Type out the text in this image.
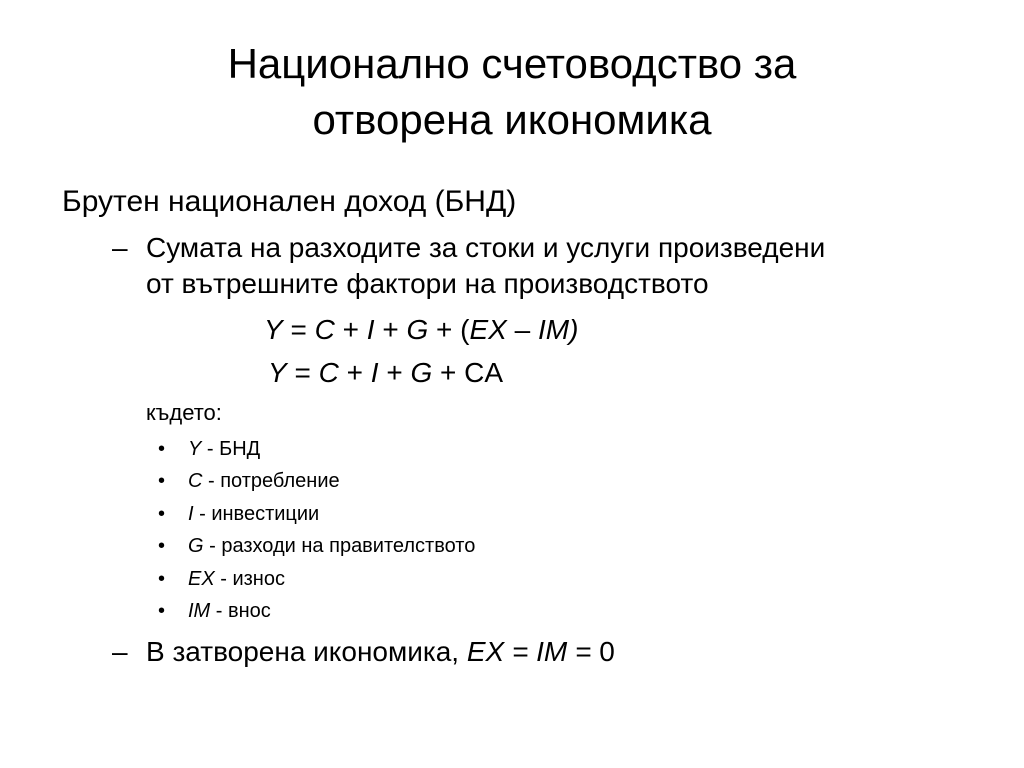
Национално счетоводство за
отворена икономика

Брутен национален доход (БНД)

– Сумата на разходите за стоки и услуги произведени
от вътрешните фактори на производството
Y = C + I + G + (EX – IM)
Y = C + I + G + CA
където:
•	Y - БНД
•	C - потребление
•	I - инвестиции
•	G - разходи на правителството
•	EX - износ
•	IM - внос
– В затворена икономика, EX = IM = 0
